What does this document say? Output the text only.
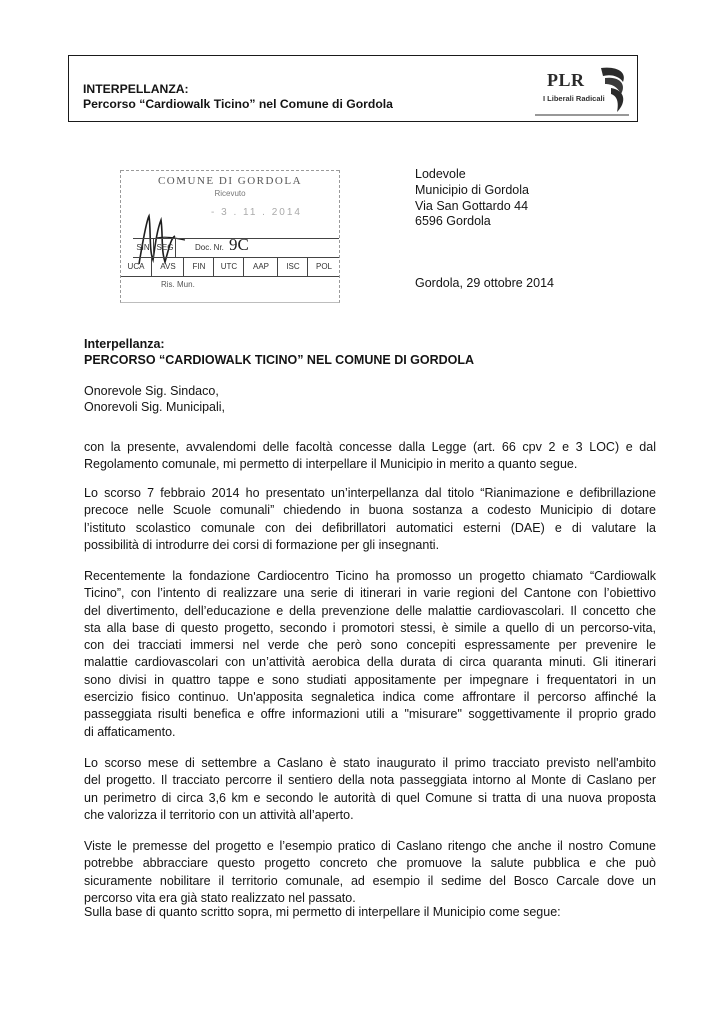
INTERPELLANZA:
Percorso “Cardiowalk Ticino” nel Comune di Gordola
PLR
I Liberali Radicali
COMUNE DI GORDOLA
Ricevuto
- 3 . 11 . 2014
SIN SEG	Doc. Nr. 9C
UCA	AVS	FIN	UTC	AAP	ISC	POL
Ris. Mun.
Lodevole
Municipio di Gordola
Via San Gottardo 44
6596 Gordola
Gordola, 29 ottobre 2014
Interpellanza:
PERCORSO “CARDIOWALK TICINO” NEL COMUNE DI GORDOLA
Onorevole Sig. Sindaco,
Onorevoli Sig. Municipali,
con la presente, avvalendomi delle facoltà concesse dalla Legge (art. 66 cpv 2 e 3 LOC) e dal
Regolamento comunale, mi permetto di interpellare il Municipio in merito a quanto segue.
Lo scorso 7 febbraio 2014 ho presentato un’interpellanza dal titolo “Rianimazione e defibrillazione
precoce nelle Scuole comunali” chiedendo in buona sostanza a codesto Municipio di dotare
l’istituto scolastico comunale con dei defibrillatori automatici esterni (DAE) e di valutare la
possibilità di introdurre dei corsi di formazione per gli insegnanti.
Recentemente la fondazione Cardiocentro Ticino ha promosso un progetto chiamato “Cardiowalk
Ticino”, con l’intento di realizzare una serie di itinerari in varie regioni del Cantone con l’obiettivo
del divertimento, dell’educazione e della prevenzione delle malattie cardiovascolari. Il concetto che
sta alla base di questo progetto, secondo i promotori stessi, è simile a quello di un percorso-vita,
con dei tracciati immersi nel verde che però sono concepiti espressamente per prevenire le
malattie cardiovascolari con un’attività aerobica della durata di circa quaranta minuti. Gli itinerari
sono divisi in quattro tappe e sono studiati appositamente per impegnare i frequentatori in un
esercizio fisico continuo. Un'apposita segnaletica indica come affrontare il percorso affinché la
passeggiata risulti benefica e offre informazioni utili a "misurare" soggettivamente il proprio grado
di affaticamento.
Lo scorso mese di settembre a Caslano è stato inaugurato il primo tracciato previsto nell'ambito
del progetto. Il tracciato percorre il sentiero della nota passeggiata intorno al Monte di Caslano per
un perimetro di circa 3,6 km e secondo le autorità di quel Comune si tratta di una nuova proposta
che valorizza il territorio con un attività all’aperto.
Viste le premesse del progetto e l’esempio pratico di Caslano ritengo che anche il nostro Comune
potrebbe abbracciare questo progetto concreto che promuove la salute pubblica e che può
sicuramente nobilitare il territorio comunale, ad esempio il sedime del Bosco Carcale dove un
percorso vita era già stato realizzato nel passato.
Sulla base di quanto scritto sopra, mi permetto di interpellare il Municipio come segue:
